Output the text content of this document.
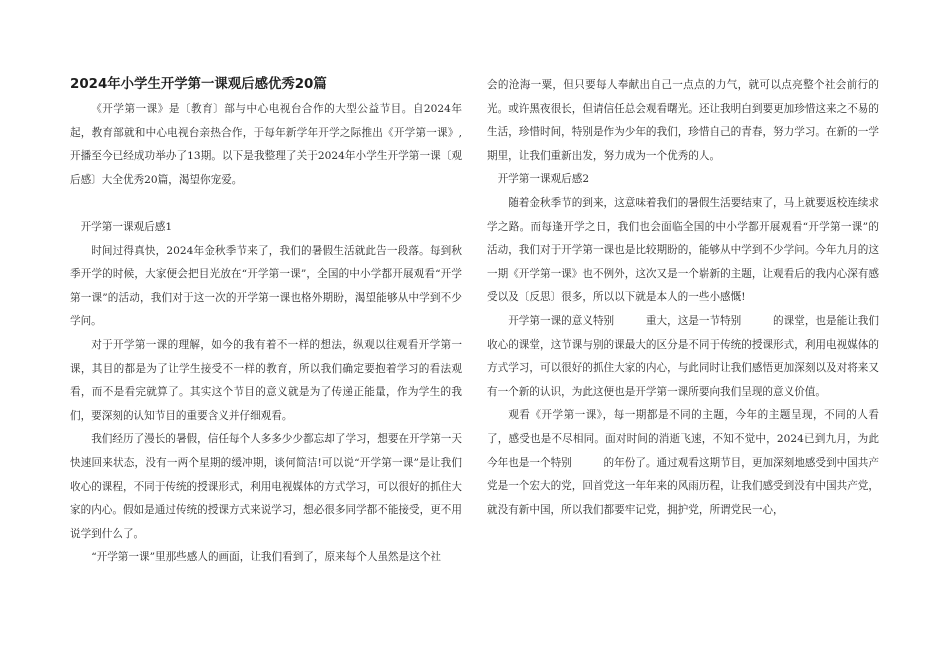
2024年小学生开学第一课观后感优秀20篇

《开学第一课》是〔教育〕部与中心电视台合作的大型公益节目。自2024年起，教育部就和中心电视台亲热合作，于每年新学年开学之际推出《开学第一课》,开播至今已经成功举办了13期。以下是我整理了关于2024年小学生开学第一课〔观后感〕大全优秀20篇，渴望你宠爱。

开学第一课观后感1

时间过得真快，2024年金秋季节来了，我们的暑假生活就此告一段落。每到秋季开学的时候，大家便会把目光放在“开学第一课”，全国的中小学都开展观看“开学第一课”的活动，我们对于这一次的开学第一课也格外期盼，渴望能够从中学到不少学问。

对于开学第一课的理解，如今的我有着不一样的想法，纵观以往观看开学第一课，其目的都是为了让学生接受不一样的教育，所以我们确定要抱着学习的看法观看，而不是看完就算了。其实这个节目的意义就是为了传递正能量，作为学生的我们，要深刻的认知节目的重要含义并仔细观看。

我们经历了漫长的暑假，信任每个人多多少少都忘却了学习，想要在开学第一天快速回来状态，没有一两个星期的缓冲期，谈何简洁!可以说“开学第一课”是让我们收心的课程，不同于传统的授课形式，利用电视媒体的方式学习，可以很好的抓住大家的内心。假如是通过传统的授课方式来说学习，想必很多同学都不能接受，更不用说学到什么了。

“开学第一课”里那些感人的画面，让我们看到了，原来每个人虽然是这个社

会的沧海一粟，但只要每人奉献出自己一点点的力气，就可以点亮整个社会前行的光。或许黑夜很长，但请信任总会观看曙光。还让我明白到要更加珍惜这来之不易的生活，珍惜时间，特别是作为少年的我们，珍惜自己的青春，努力学习。在新的一学期里，让我们重新出发，努力成为一个优秀的人。

开学第一课观后感2

随着金秋季节的到来，这意味着我们的暑假生活要结束了，马上就要返校连续求学之路。而每逢开学之日，我们也会面临全国的中小学都开展观看“开学第一课”的活动，我们对于开学第一课也是比较期盼的，能够从中学到不少学问。今年九月的这一期《开学第一课》也不例外，这次又是一个崭新的主题，让观看后的我内心深有感受以及〔反思〕很多，所以以下就是本人的一些小感慨!

开学第一课的意义特别　　　重大，这是一节特别　　　的课堂，也是能让我们收心的课堂，这节课与别的课最大的区分是不同于传统的授课形式，利用电视媒体的方式学习，可以很好的抓住大家的内心，与此同时让我们感悟更加深刻以及对将来又有一个新的认识，为此这便也是开学第一课所要向我们呈现的意义价值。

观看《开学第一课》，每一期都是不同的主题，今年的主题呈现，不同的人看了，感受也是不尽相同。面对时间的消逝飞速，不知不觉中，2024已到九月，为此今年也是一个特别　　　的年份了。通过观看这期节目，更加深刻地感受到中国共产党是一个宏大的党，回首党这一年年来的风雨历程，让我们感受到没有中国共产党，就没有新中国，所以我们都要牢记党，拥护党，所谓党民一心，
